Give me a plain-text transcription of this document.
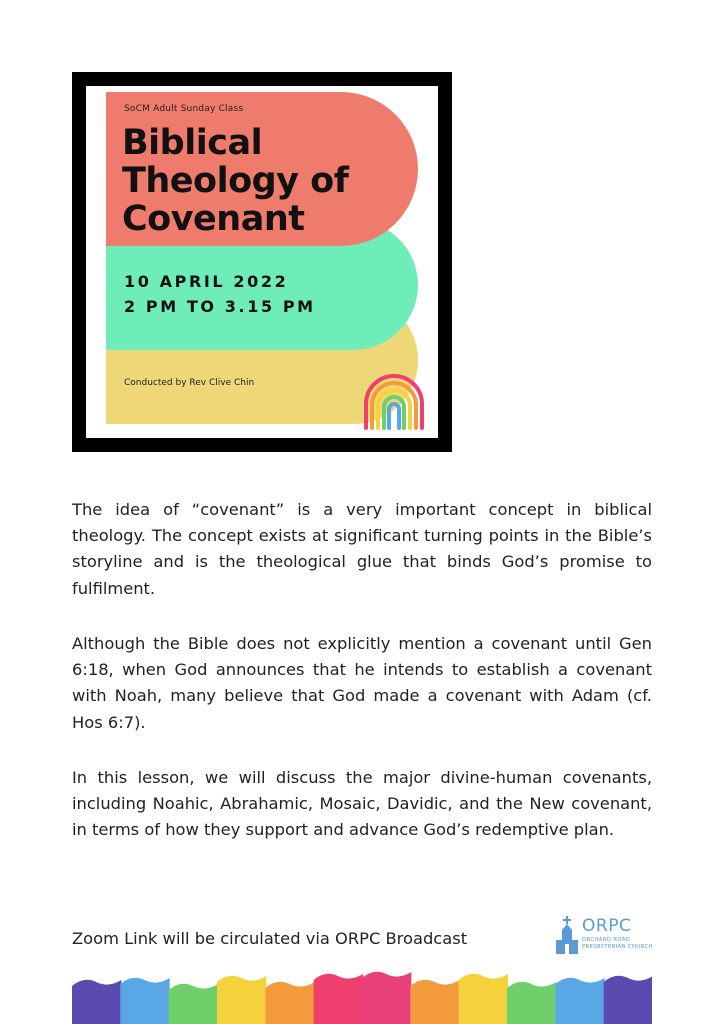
SoCM Adult Sunday Class
Biblical
Theology of
Covenant
10 APRIL 2022
2 PM TO 3.15 PM
Conducted by Rev Clive Chin

The idea of “covenant” is a very important concept in biblical theology. The concept exists at significant turning points in the Bible’s storyline and is the theological glue that binds God’s promise to fulfilment.

Although the Bible does not explicitly mention a covenant until Gen 6:18, when God announces that he intends to establish a covenant with Noah, many believe that God made a covenant with Adam (cf. Hos 6:7).

In this lesson, we will discuss the major divine-human covenants, including Noahic, Abrahamic, Mosaic, Davidic, and the New covenant, in terms of how they support and advance God’s redemptive plan.

Zoom Link will be circulated via ORPC Broadcast
ORPC
ORCHARD ROAD
PRESBYTERIAN CHURCH
